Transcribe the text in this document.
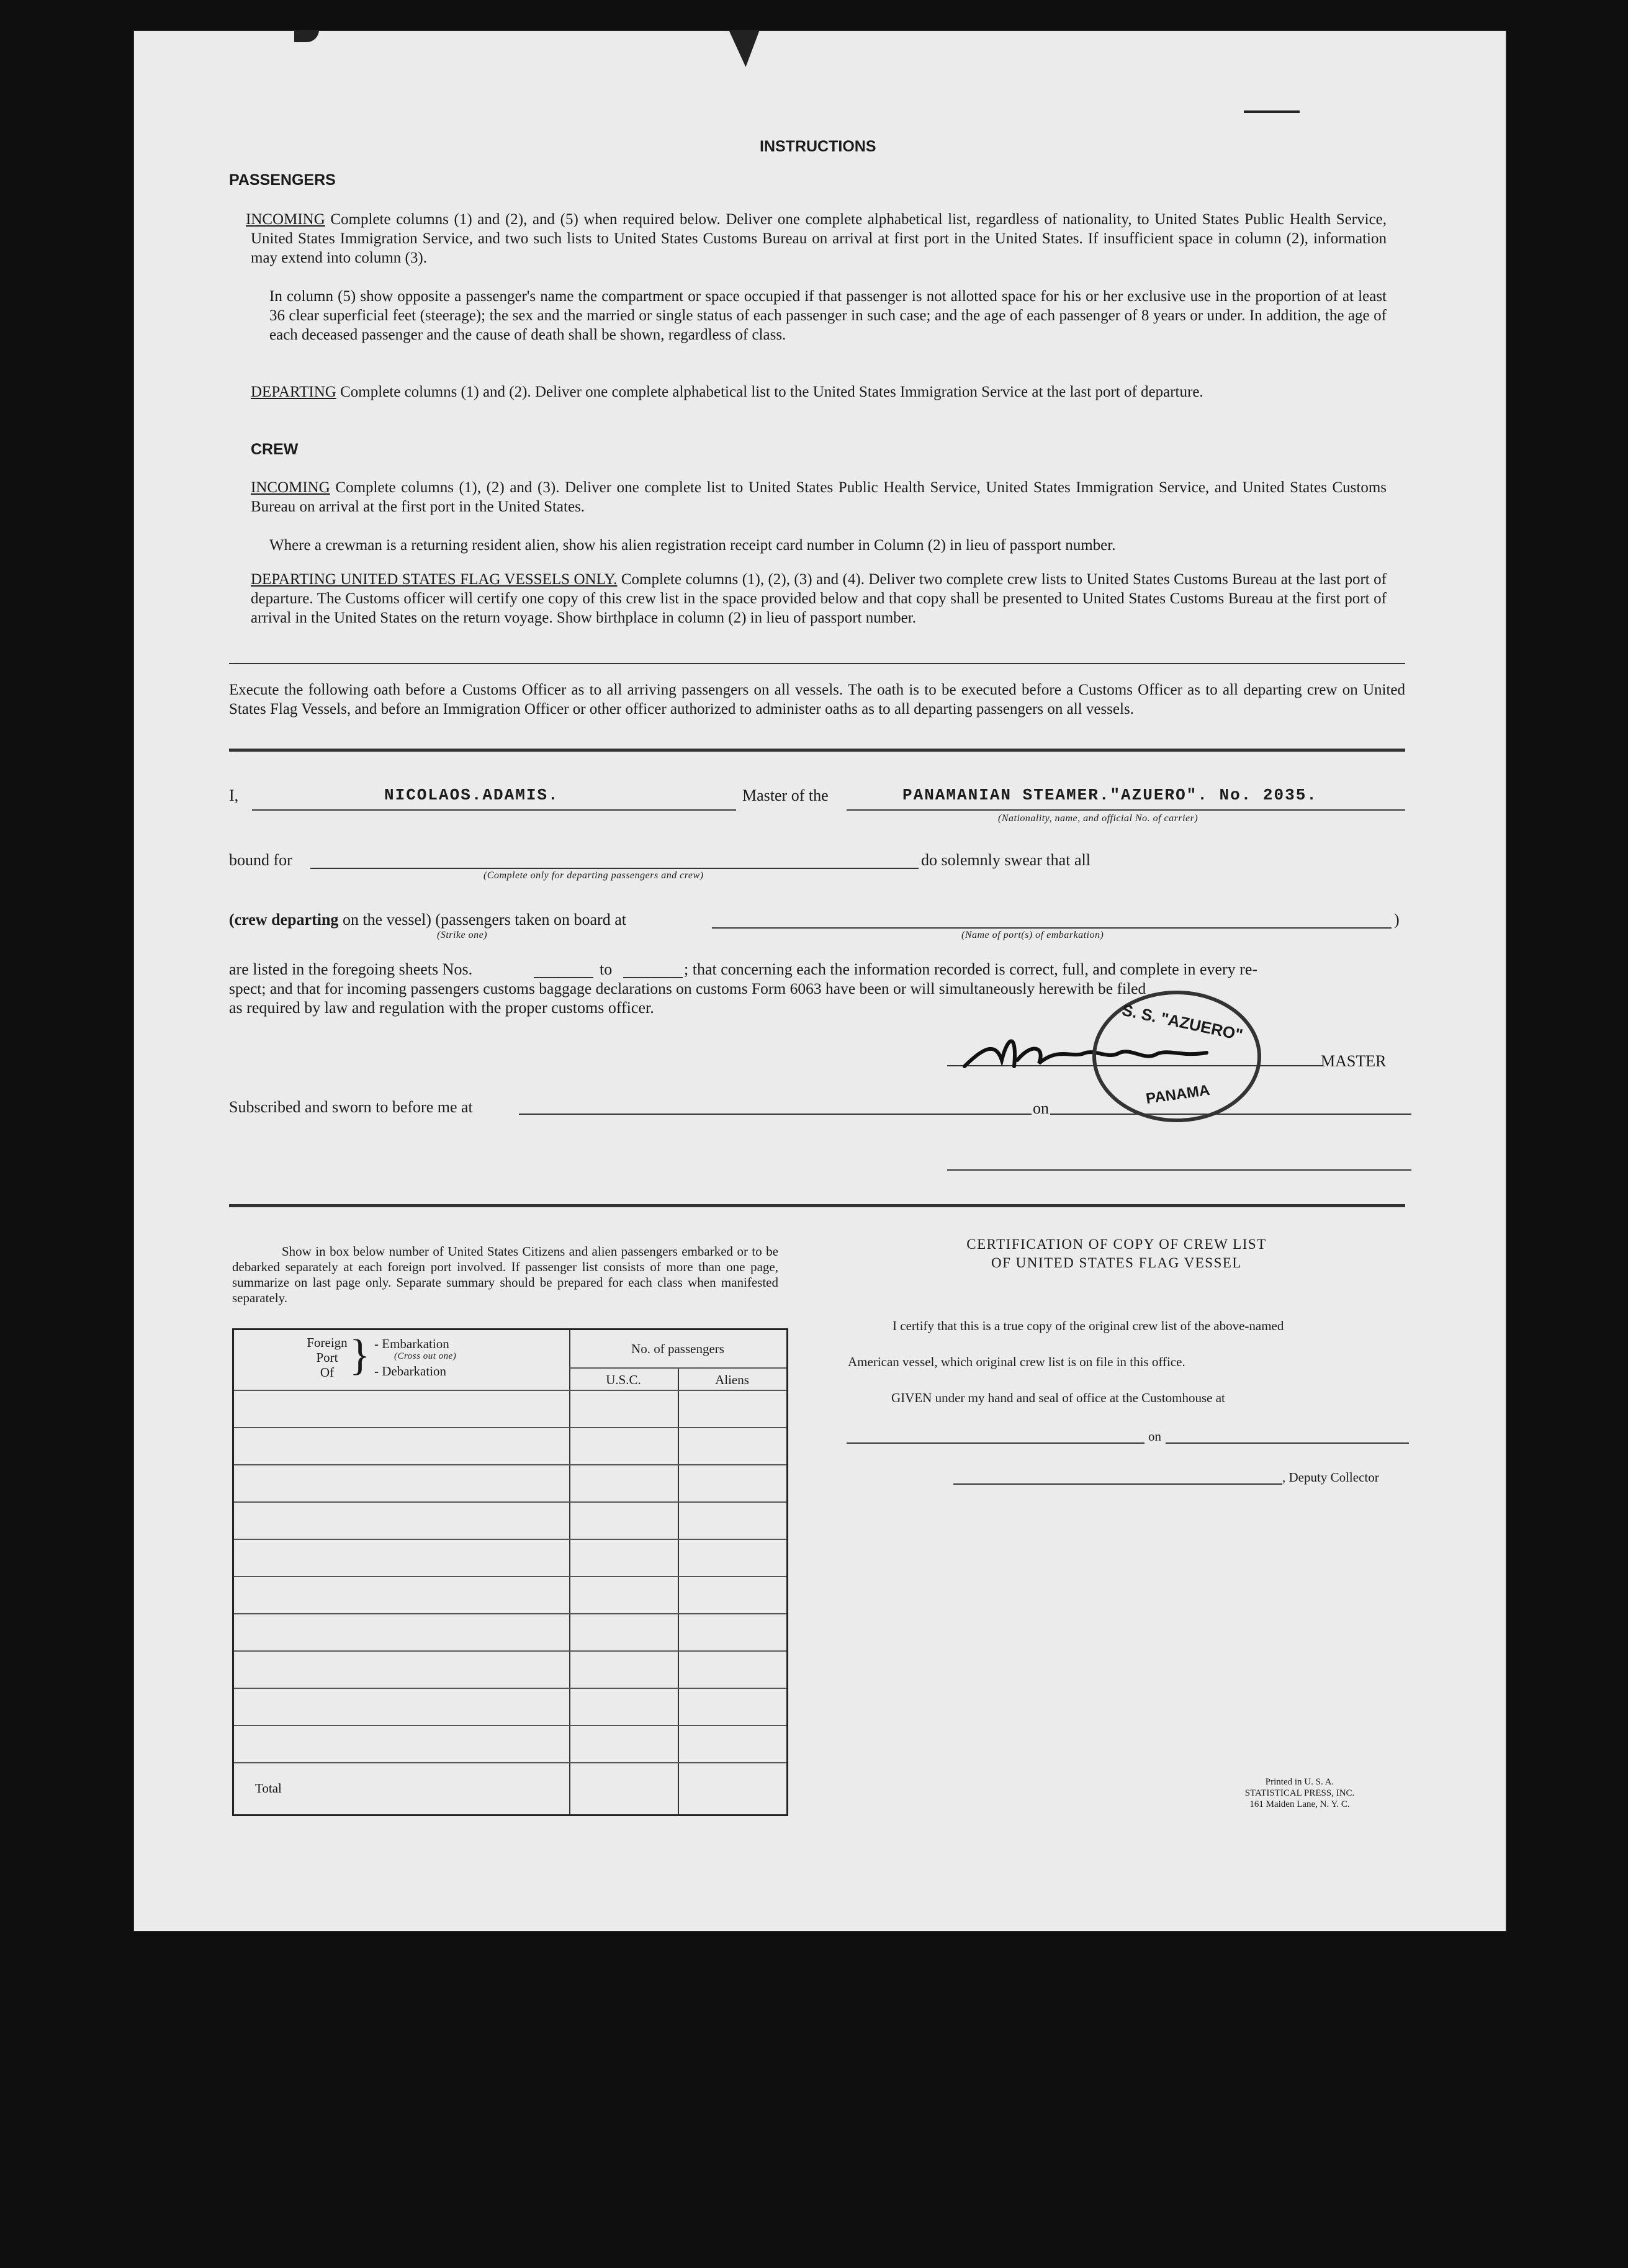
INSTRUCTIONS
PASSENGERS
INCOMING Complete columns (1) and (2), and (5) when required below. Deliver one complete alphabetical list, regardless of nationality, to United States Public Health Service, United States Immigration Service, and two such lists to United States Customs Bureau on arrival at first port in the United States. If insufficient space in column (2), information may extend into column (3).
In column (5) show opposite a passenger's name the compartment or space occupied if that passenger is not allotted space for his or her exclusive use in the proportion of at least 36 clear superficial feet (steerage); the sex and the married or single status of each passenger in such case; and the age of each passenger of 8 years or under. In addition, the age of each deceased passenger and the cause of death shall be shown, regardless of class.
DEPARTING Complete columns (1) and (2). Deliver one complete alphabetical list to the United States Immigration Service at the last port of departure.
CREW
INCOMING Complete columns (1), (2) and (3). Deliver one complete list to United States Public Health Service, United States Immigration Service, and United States Customs Bureau on arrival at the first port in the United States.
Where a crewman is a returning resident alien, show his alien registration receipt card number in Column (2) in lieu of passport number.
DEPARTING UNITED STATES FLAG VESSELS ONLY. Complete columns (1), (2), (3) and (4). Deliver two complete crew lists to United States Customs Bureau at the last port of departure. The Customs officer will certify one copy of this crew list in the space provided below and that copy shall be presented to United States Customs Bureau at the first port of arrival in the United States on the return voyage. Show birthplace in column (2) in lieu of passport number.
Execute the following oath before a Customs Officer as to all arriving passengers on all vessels. The oath is to be executed before a Customs Officer as to all departing crew on United States Flag Vessels, and before an Immigration Officer or other officer authorized to administer oaths as to all departing passengers on all vessels.
I,	NICOLAOS.ADAMIS.	Master of the	PANAMANIAN STEAMER."AZUERO". No. 2035.
(Nationality, name, and official No. of carrier)
bound for
(Complete only for departing passengers and crew)
do solemnly swear that all
(crew departing on the vessel) (passengers taken on board at
(Strike one)	(Name of port(s) of embarkation)
)
are listed in the foregoing sheets Nos.	to	; that concerning each the information recorded is correct, full, and complete in every re-
spect; and that for incoming passengers customs baggage declarations on customs Form 6063 have been or will simultaneously herewith be filed
as required by law and regulation with the proper customs officer.	S. S. "AZUERO"
PANAMA
MASTER
Subscribed and sworn to before me at	on
Show in box below number of United States Citizens and alien passengers embarked or to be debarked separately at each foreign port involved. If passenger list consists of more than one page, summarize on last page only. Separate summary should be prepared for each class when manifested separately.
Foreign
Port
Of } - Embarkation
(Cross out one)
- Debarkation
No. of passengers
U.S.C.	Aliens
Total
CERTIFICATION OF COPY OF CREW LIST
OF UNITED STATES FLAG VESSEL
I certify that this is a true copy of the original crew list of the above-named
American vessel, which original crew list is on file in this office.
GIVEN under my hand and seal of office at the Customhouse at
on
, Deputy Collector
Printed in U. S. A.
STATISTICAL PRESS, INC.
161 Maiden Lane, N. Y. C.
